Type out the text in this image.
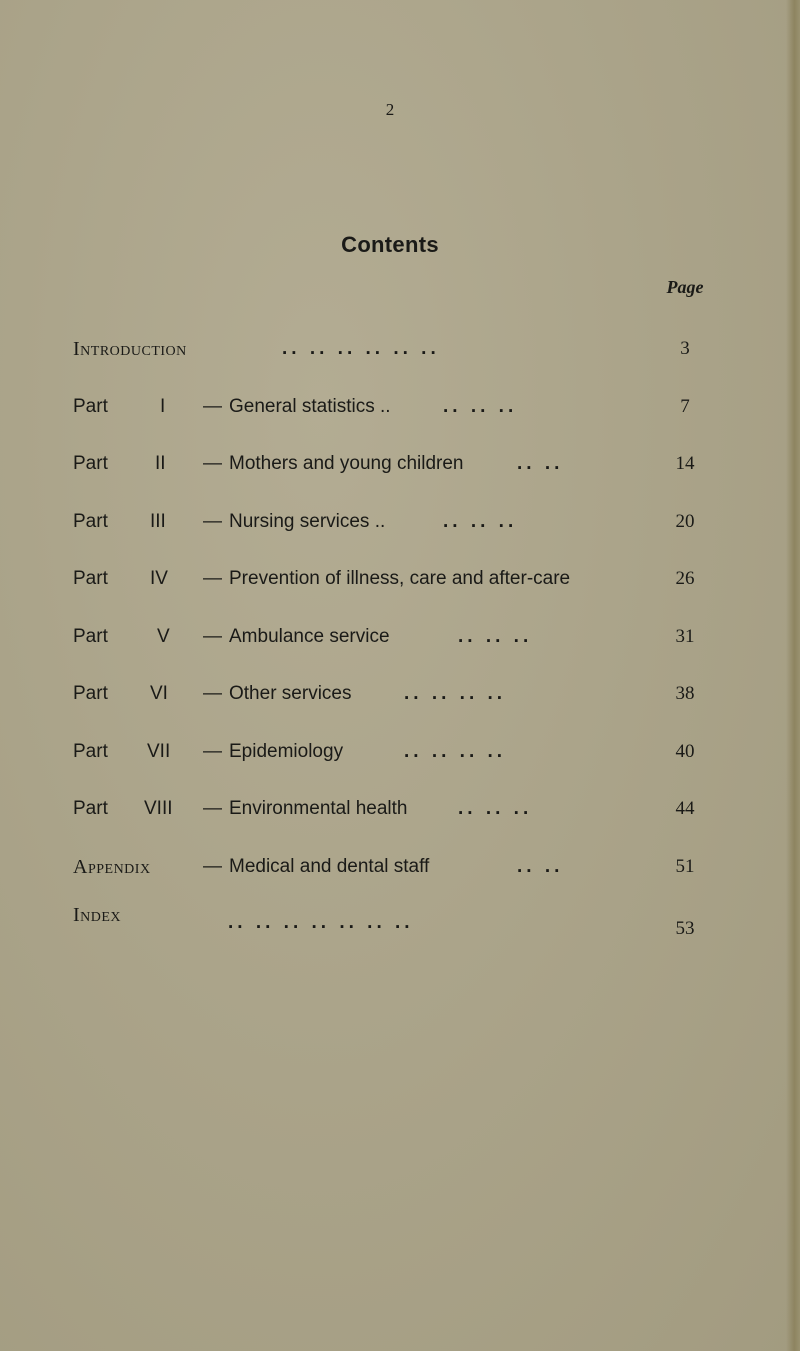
2
Contents
Page
Introduction	.. .. .. .. .. ..	3
Part	I — General statistics ..	.. .. ..	7
Part II — Mothers and young children	.. ..	14
Part III — Nursing services ..	.. .. ..	20
Part IV — Prevention of illness, care and after-care	26
Part	V — Ambulance service	.. .. ..	31
Part VI — Other services	.. .. .. ..	38
Part VII — Epidemiology	.. .. .. ..	40
Part VIII — Environmental health	.. .. ..	44
Appendix	— Medical and dental staff	.. ..	51
Index	.. .. .. .. .. .. ..	53
